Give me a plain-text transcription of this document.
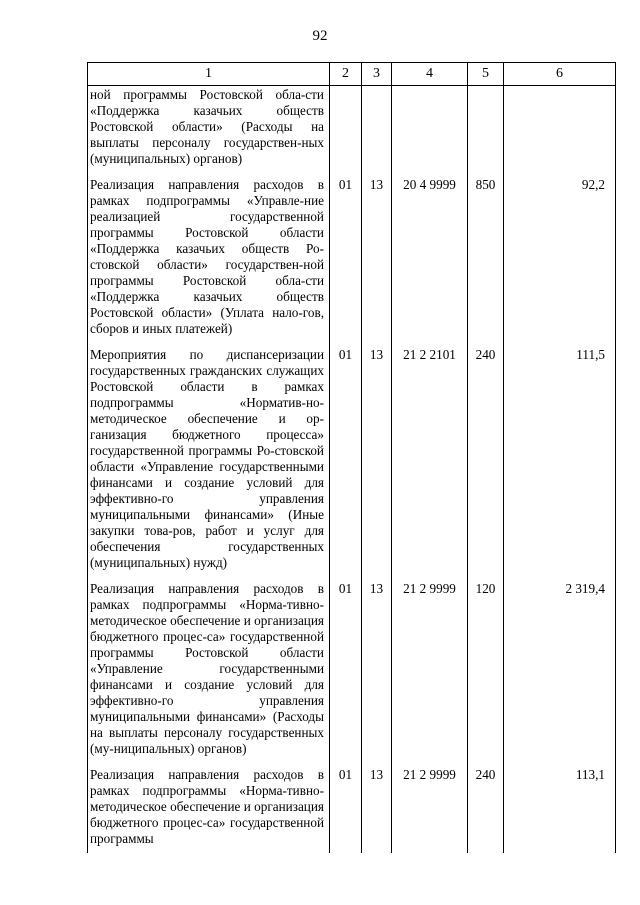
92
1	2	3	4	5	6
ной программы Ростовской обла-сти «Поддержка казачьих обществ Ростовской области» (Расходы на выплаты персоналу государствен-ных (муниципальных) органов)					
Реализация направления расходов в рамках подпрограммы «Управле-ние реализацией государственной программы Ростовской области «Поддержка казачьих обществ Ро-стовской области» государствен-ной программы Ростовской обла-сти «Поддержка казачьих обществ Ростовской области» (Уплата нало-гов, сборов и иных платежей)	01	13	20 4 9999	850	92,2
Мероприятия по диспансеризации государственных гражданских служащих Ростовской области в рамках подпрограммы «Норматив-но-методическое обеспечение и ор-ганизация бюджетного процесса» государственной программы Ро-стовской области «Управление государственными финансами и создание условий для эффективно-го управления муниципальными финансами» (Иные закупки това-ров, работ и услуг для обеспечения государственных (муниципальных) нужд)	01	13	21 2 2101	240	111,5
Реализация направления расходов в рамках подпрограммы «Норма-тивно-методическое обеспечение и организация бюджетного процес-са» государственной программы Ростовской области «Управление государственными финансами и создание условий для эффективно-го управления муниципальными финансами» (Расходы на выплаты персоналу государственных (му-ниципальных) органов)	01	13	21 2 9999	120	2 319,4
Реализация направления расходов в рамках подпрограммы «Норма-тивно-методическое обеспечение и организация бюджетного процес-са» государственной программы	01	13	21 2 9999	240	113,1
